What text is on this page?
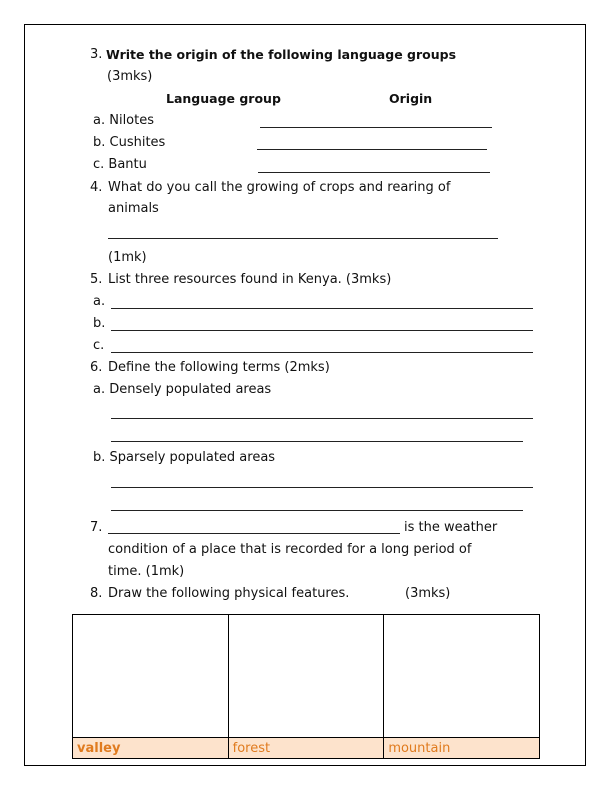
3. Write the origin of the following language groups
(3mks)
Language group	Origin
a. Nilotes
b. Cushites
c. Bantu
4. What do you call the growing of crops and rearing of
animals
(1mk)
5. List three resources found in Kenya. (3mks)
a.
b.
c.
6. Define the following terms (2mks)
a. Densely populated areas
b. Sparsely populated areas
7.	is the weather
condition of a place that is recorded for a long period of
time. (1mk)
8. Draw the following physical features.	(3mks)

valley	forest	mountain
